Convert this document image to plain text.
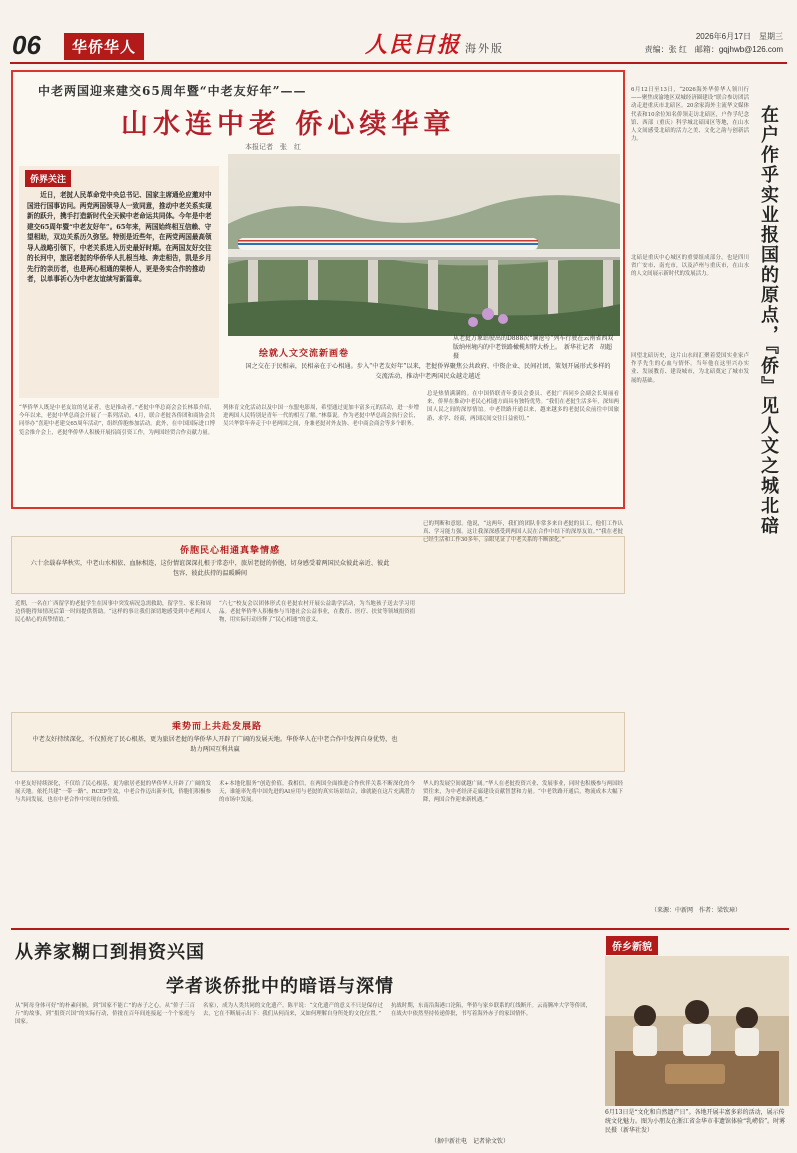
06	华侨华人	人民日报 海外版
2026年6月17日　星期三
责编：张 红　邮箱：gqjhwb@126.com
中老两国迎来建交65周年暨“中老友好年”——
山水连中老 侨心续华章
本报记者　张　红
从老挝万象站驶出的D888次“澜沧号”列车行驶在云南省西双版纳州境内的中老铁路橄榄坝特大桥上。　新华社记者　胡超摄
侨界关注
近日，老挝人民革命党中央总书记、国家主席通伦应邀对中国进行国事访问。两党两国领导人一致同意，推动中老关系实现新的跃升，携手打造新时代全天候中老命运共同体。今年是中老建交65周年暨“中老友好年”。65年来，两国始终相互信赖、守望相助，双边关系历久弥坚。特别是近些年，在两党两国最高领导人战略引领下，中老关系进入历史最好时期。在两国友好交往的长河中，旅居老挝的华侨华人扎根当地、奔走相告，凯是乡月先行的亲历者，也是两心相通的架桥人，更是务实合作的推动者，以单事祈心为中老友谊续写新篇章。
绘就人文交流新画卷
国之交在于民相亲，民相亲在于心相通。步入“中老友好年”以来，老挝侨界聚焦公共政府、中资企业、民间社团，策划开展形式多样的交流活动，推动中老两国民众越走越近
“华侨华人既是中老友谊的见证者，也是推动者。”老挝中华总商会会长林慕介绍，今年以来，老挝中华总商会开展了一系列活动。4月，联合老挝各侨团和商协会共同举办“喜迎中老建交65周年活动”，组织侨胞参加活动。此外，在中国国际进口博览会推介会上，老挝华侨华人积极开展招商引资工作，为两国经贸合作贡献力量。
列体育文化活动以及中国一东盟电影周，希望通过更加丰富多元的活动，进一步增进两国人民特别是青年一代的相互了解。”林慕说。作为老挝中华总商会执行会长，吴兴华常年奔走于中老两国之间，身兼老挝对外友协、老中商会商会等多个职务。
总是热情满满的。在中国侨联青年委员会委员、老挝广西同乡会副会长周丽看来，侨界在推动中老民心相通方面具有独特优势。“我们在老挝生活多年，深知两国人民之间的深厚情谊。中老铁路开通以来，越来越多的老挝民众前往中国旅游、求学、经商，两国民间交往日益密切。”
侨胞民心相通真挚情感
六十余载春华秋实，中老山水相依、血脉相连，这份情谊深深扎根于常态中，旅居老挝的侨胞，切身感受着两国民众彼此亲近、彼此包容、彼此扶持的温暖瞬间
近期，一名在广西留学的老挝学生在因事中突发病况急需救助，留学生、家长和周边侨胞得知情况后第一时间提供帮助。“这样的事让我们深切地感受到中老两国人民心贴心的真挚情谊。”
“六七”校友会以团体形式在老挝农村开展公益助学活动，为当地孩子送去学习用品。老挝华侨华人积极参与当地社会公益事业，在教育、医疗、扶贫等领域捐资捐物，用实际行动诠释了“民心相通”的意义。
已的判断和意愿。他说，“这两年，我们的团队非常多来自老挝的员工，他们工作认真、学习能力强。这让我深深感受到两国人民在合作中结下的深厚友谊。”“我在老挝已经生活和工作30多年，亲眼见证了中老关系的不断深化。”
乘势而上共赴发展路
中老友好持续深化，不仅照亮了民心根基，更为旅居老挝的华侨华人开辟了广阔的发展天地。华侨华人在中老合作中发挥自身优势，也助力两国互利共赢
中老友好持续深化，不仅给了民心根基，更为旅居老挝的华侨华人开辟了广阔的发展天地。依托共建“一带一路”、RCEP生效，中老合作迈出新步伐，侨胞们积极参与共同发展，也在中老合作中实现自身价值。
术+本地化服务”创造价值。我相信，在两国全面推进合作伙伴关系不断深化的今天，谁能率先将中国先进的AI应用与老挝的真实场景结合，谁就能在这片充满潜力的市场中发展。
华人的发展空间就越广阔。”华人在老挝投资兴业、发展事业，同时也积极参与两国经贸往来，为中老经济走廊建设贡献智慧和力量。“中老铁路开通后，物流成本大幅下降，两国合作迎来新机遇。”
在户作乎实业报国的原点，『侨』见人文之城北碚
6月12日至13日，“2026海外华侨华人领川行——聚焦成渝地区双城经济圈建设”联合参访团活动走进重庆市北碚区。20余家海外主流华文媒体代表和10余位知名侨领走访北碚区，户作孚纪念馆、西部（重庆）科学城北碚园区等地，在山水人文间感受北碚的活力之美、文化之韵与创新活力。
北碚是重庆中心城区的重要组成部分，也是四川省广安市、南充市，以及泸州与重庆市，在山水的人文间展示新时代的发展活力。
回望北碚历史，这片山水间汇聚着爱国实业家卢作孚先生的心血与情怀。当年他在这里兴办实业、发展教育、建设城市，为北碚奠定了城市发展的基础。
（来源：中新网　作者：梁钦璋）
从养家糊口到捐资兴国
学者谈侨批中的暗语与深情
从“阿母身体可好”的朴素问候，到“国家不能亡”的赤子之心，从“侨子三百斤”的故事，到“捐资兴国”的实际行动，侨批在百年间连接起一个个家庭与国家。
名家），成为人类共同的文化遗产。陈平说：“文化遗产的意义不只是保存过去，它在不断展示出下：我们从何而来，又如何理解自身所处的文化位置。”
抗战时期，东南沿海港口沦陷，华侨与家乡联系的红线断开。云南腾冲大学等侨团，在战火中依然坚持传递侨批，书写着海外赤子的家国情怀。
（据中新社电　记者徐文钦）
侨乡新貌
6月13日是“文化和自然遗产日”。各地开展丰富多彩的活动，展示传统文化魅力。图为小朋友在浙江省金华市非遗馆体验“乳崂俗”。时雾民摄（新华社发）
